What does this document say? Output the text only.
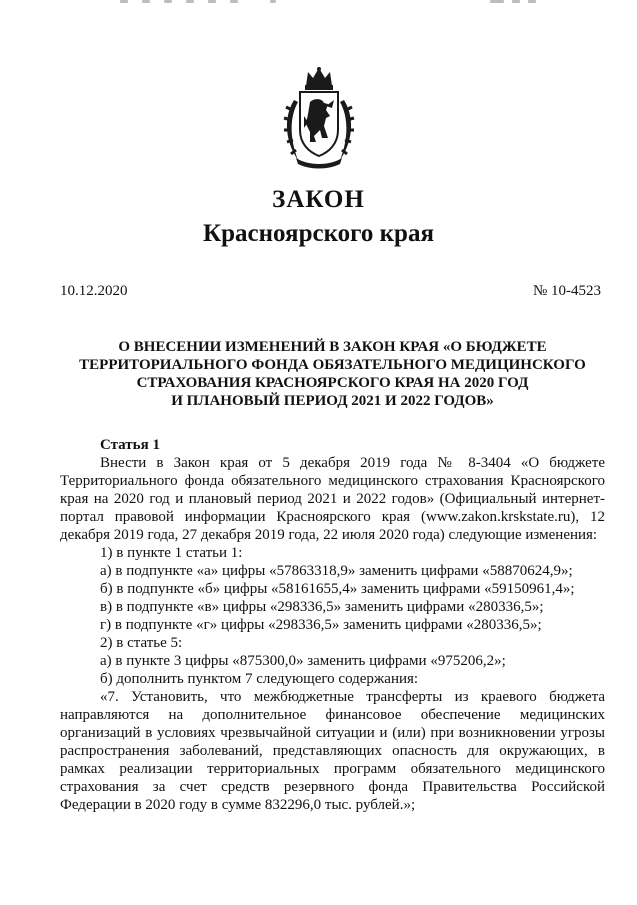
ЗАКОН
Красноярского края
10.12.2020	№ 10-4523
О ВНЕСЕНИИ ИЗМЕНЕНИЙ В ЗАКОН КРАЯ «О БЮДЖЕТЕ
ТЕРРИТОРИАЛЬНОГО ФОНДА ОБЯЗАТЕЛЬНОГО МЕДИЦИНСКОГО
СТРАХОВАНИЯ КРАСНОЯРСКОГО КРАЯ НА 2020 ГОД
И ПЛАНОВЫЙ ПЕРИОД 2021 И 2022 ГОДОВ»
Статья 1

Внести в Закон края от 5 декабря 2019 года № 8-3404 «О бюджете Территориального фонда обязательного медицинского страхования Красноярского края на 2020 год и плановый период 2021 и 2022 годов» (Официальный интернет-портал правовой информации Красноярского края (www.zakon.krskstate.ru), 12 декабря 2019 года, 27 декабря 2019 года, 22 июля 2020 года) следующие изменения:

1) в пункте 1 статьи 1:

а) в подпункте «а» цифры «57863318,9» заменить цифрами «58870624,9»;

б) в подпункте «б» цифры «58161655,4» заменить цифрами «59150961,4»;

в) в подпункте «в» цифры «298336,5» заменить цифрами «280336,5»;

г) в подпункте «г» цифры «298336,5» заменить цифрами «280336,5»;

2) в статье 5:

а) в пункте 3 цифры «875300,0» заменить цифрами «975206,2»;

б) дополнить пунктом 7 следующего содержания:

«7. Установить, что межбюджетные трансферты из краевого бюджета направляются на дополнительное финансовое обеспечение медицинских организаций в условиях чрезвычайной ситуации и (или) при возникновении угрозы распространения заболеваний, представляющих опасность для окружающих, в рамках реализации территориальных программ обязательного медицинского страхования за счет средств резервного фонда Правительства Российской Федерации в 2020 году в сумме 832296,0 тыс. рублей.»;
